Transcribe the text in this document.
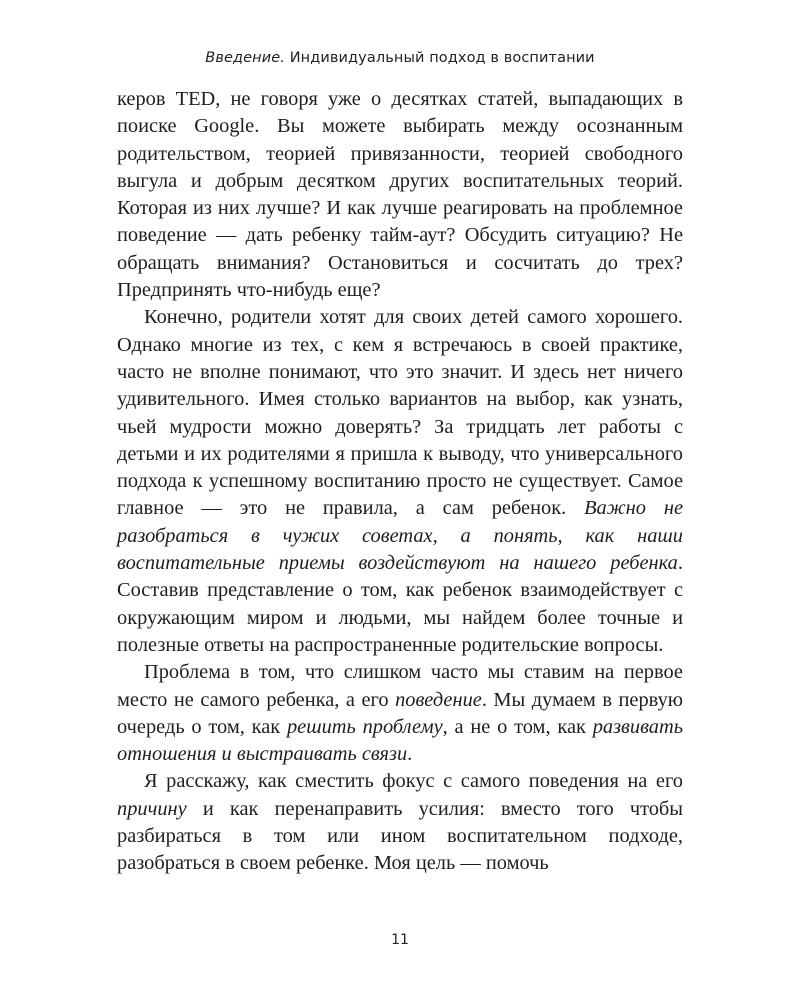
Введение. Индивидуальный подход в воспитании

керов TED, не говоря уже о десятках статей, выпадающих в поиске Google. Вы можете выбирать между осознанным родительством, теорией привязанности, теорией свободного выгула и добрым десятком других воспитательных теорий. Которая из них лучше? И как лучше реагировать на проблемное поведение — дать ребенку тайм-аут? Обсудить ситуацию? Не обращать внимания? Остановиться и сосчитать до трех? Предпринять что-нибудь еще?

Конечно, родители хотят для своих детей самого хорошего. Однако многие из тех, с кем я встречаюсь в своей практике, часто не вполне понимают, что это значит. И здесь нет ничего удивительного. Имея столько вариантов на выбор, как узнать, чьей мудрости можно доверять? За тридцать лет работы с детьми и их родителями я пришла к выводу, что универсального подхода к успешному воспитанию просто не существует. Самое главное — это не правила, а сам ребенок. Важно не разобраться в чужих советах, а понять, как наши воспитательные приемы воздействуют на нашего ребенка. Составив представление о том, как ребенок взаимодействует с окружающим миром и людьми, мы найдем более точные и полезные ответы на распространенные родительские вопросы.

Проблема в том, что слишком часто мы ставим на первое место не самого ребенка, а его поведение. Мы думаем в первую очередь о том, как решить проблему, а не о том, как развивать отношения и выстраивать связи.

Я расскажу, как сместить фокус с самого поведения на его причину и как перенаправить усилия: вместо того чтобы разбираться в том или ином воспитательном подходе, разобраться в своем ребенке. Моя цель — помочь

11
